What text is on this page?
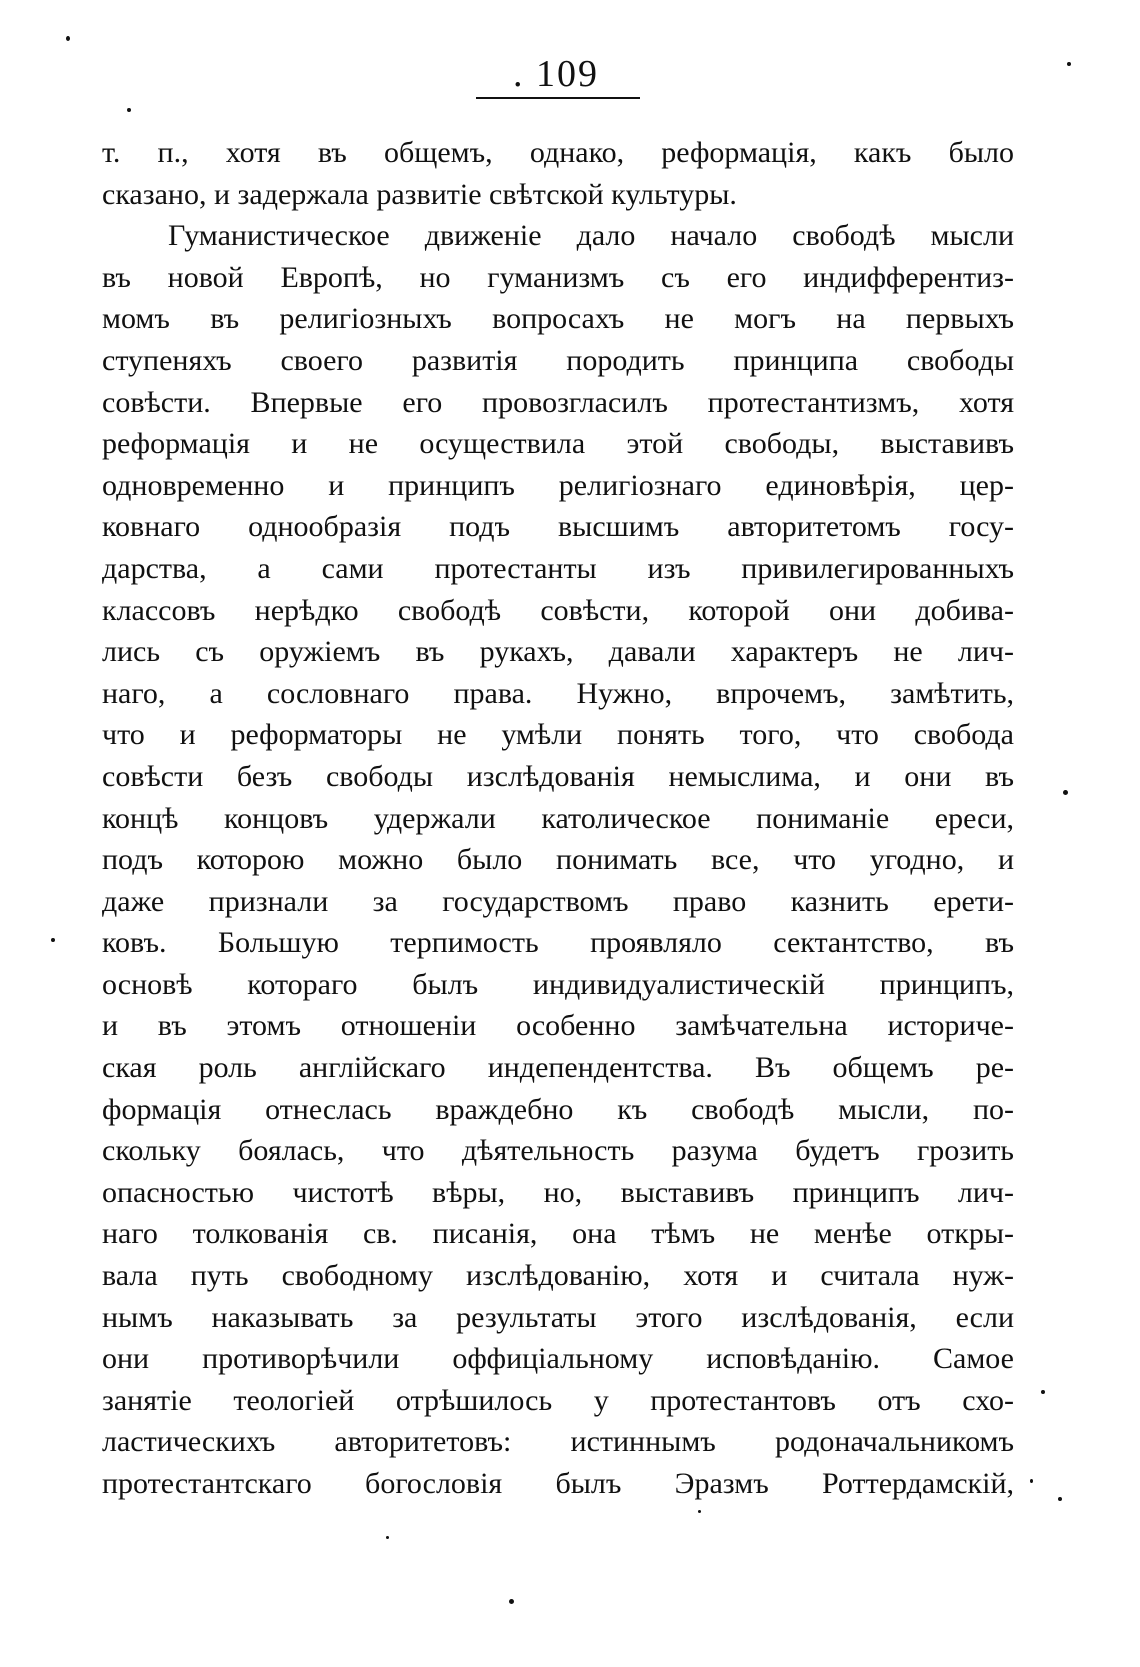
. 109
т. п., хотя въ общемъ, однако, реформація, какъ было
сказано, и задержала развитіе свѣтской культуры.
Гуманистическое движеніе дало начало свободѣ мысли
въ новой Европѣ, но гуманизмъ съ его индифферентиз-
момъ въ религіозныхъ вопросахъ не могъ на первыхъ
ступеняхъ своего развитія породить принципа свободы
совѣсти. Впервые его провозгласилъ протестантизмъ, хотя
реформація и не осуществила этой свободы, выставивъ
одновременно и принципъ религіознаго единовѣрія, цер-
ковнаго однообразія подъ высшимъ авторитетомъ госу-
дарства, а сами протестанты изъ привилегированныхъ
классовъ нерѣдко свободѣ совѣсти, которой они добива-
лись съ оружіемъ въ рукахъ, давали характеръ не лич-
наго, а сословнаго права. Нужно, впрочемъ, замѣтить,
что и реформаторы не умѣли понять того, что свобода
совѣсти безъ свободы изслѣдованія немыслима, и они въ
концѣ концовъ удержали католическое пониманіе ереси,
подъ которою можно было понимать все, что угодно, и
даже признали за государствомъ право казнить ерети-
ковъ. Большую терпимость проявляло сектантство, въ
основѣ котораго былъ индивидуалистическій принципъ,
и въ этомъ отношеніи особенно замѣчательна историче-
ская роль англійскаго индепендентства. Въ общемъ ре-
формація отнеслась враждебно къ свободѣ мысли, по-
скольку боялась, что дѣятельность разума будетъ грозить
опасностью чистотѣ вѣры, но, выставивъ принципъ лич-
наго толкованія св. писанія, она тѣмъ не менѣе откры-
вала путь свободному изслѣдованію, хотя и считала нуж-
нымъ наказывать за результаты этого изслѣдованія, если
они противорѣчили оффиціальному исповѣданію. Самое
занятіе теологіей отрѣшилось у протестантовъ отъ схо-
ластическихъ авторитетовъ: истиннымъ родоначальникомъ
протестантскаго богословія былъ Эразмъ Роттердамскій,
